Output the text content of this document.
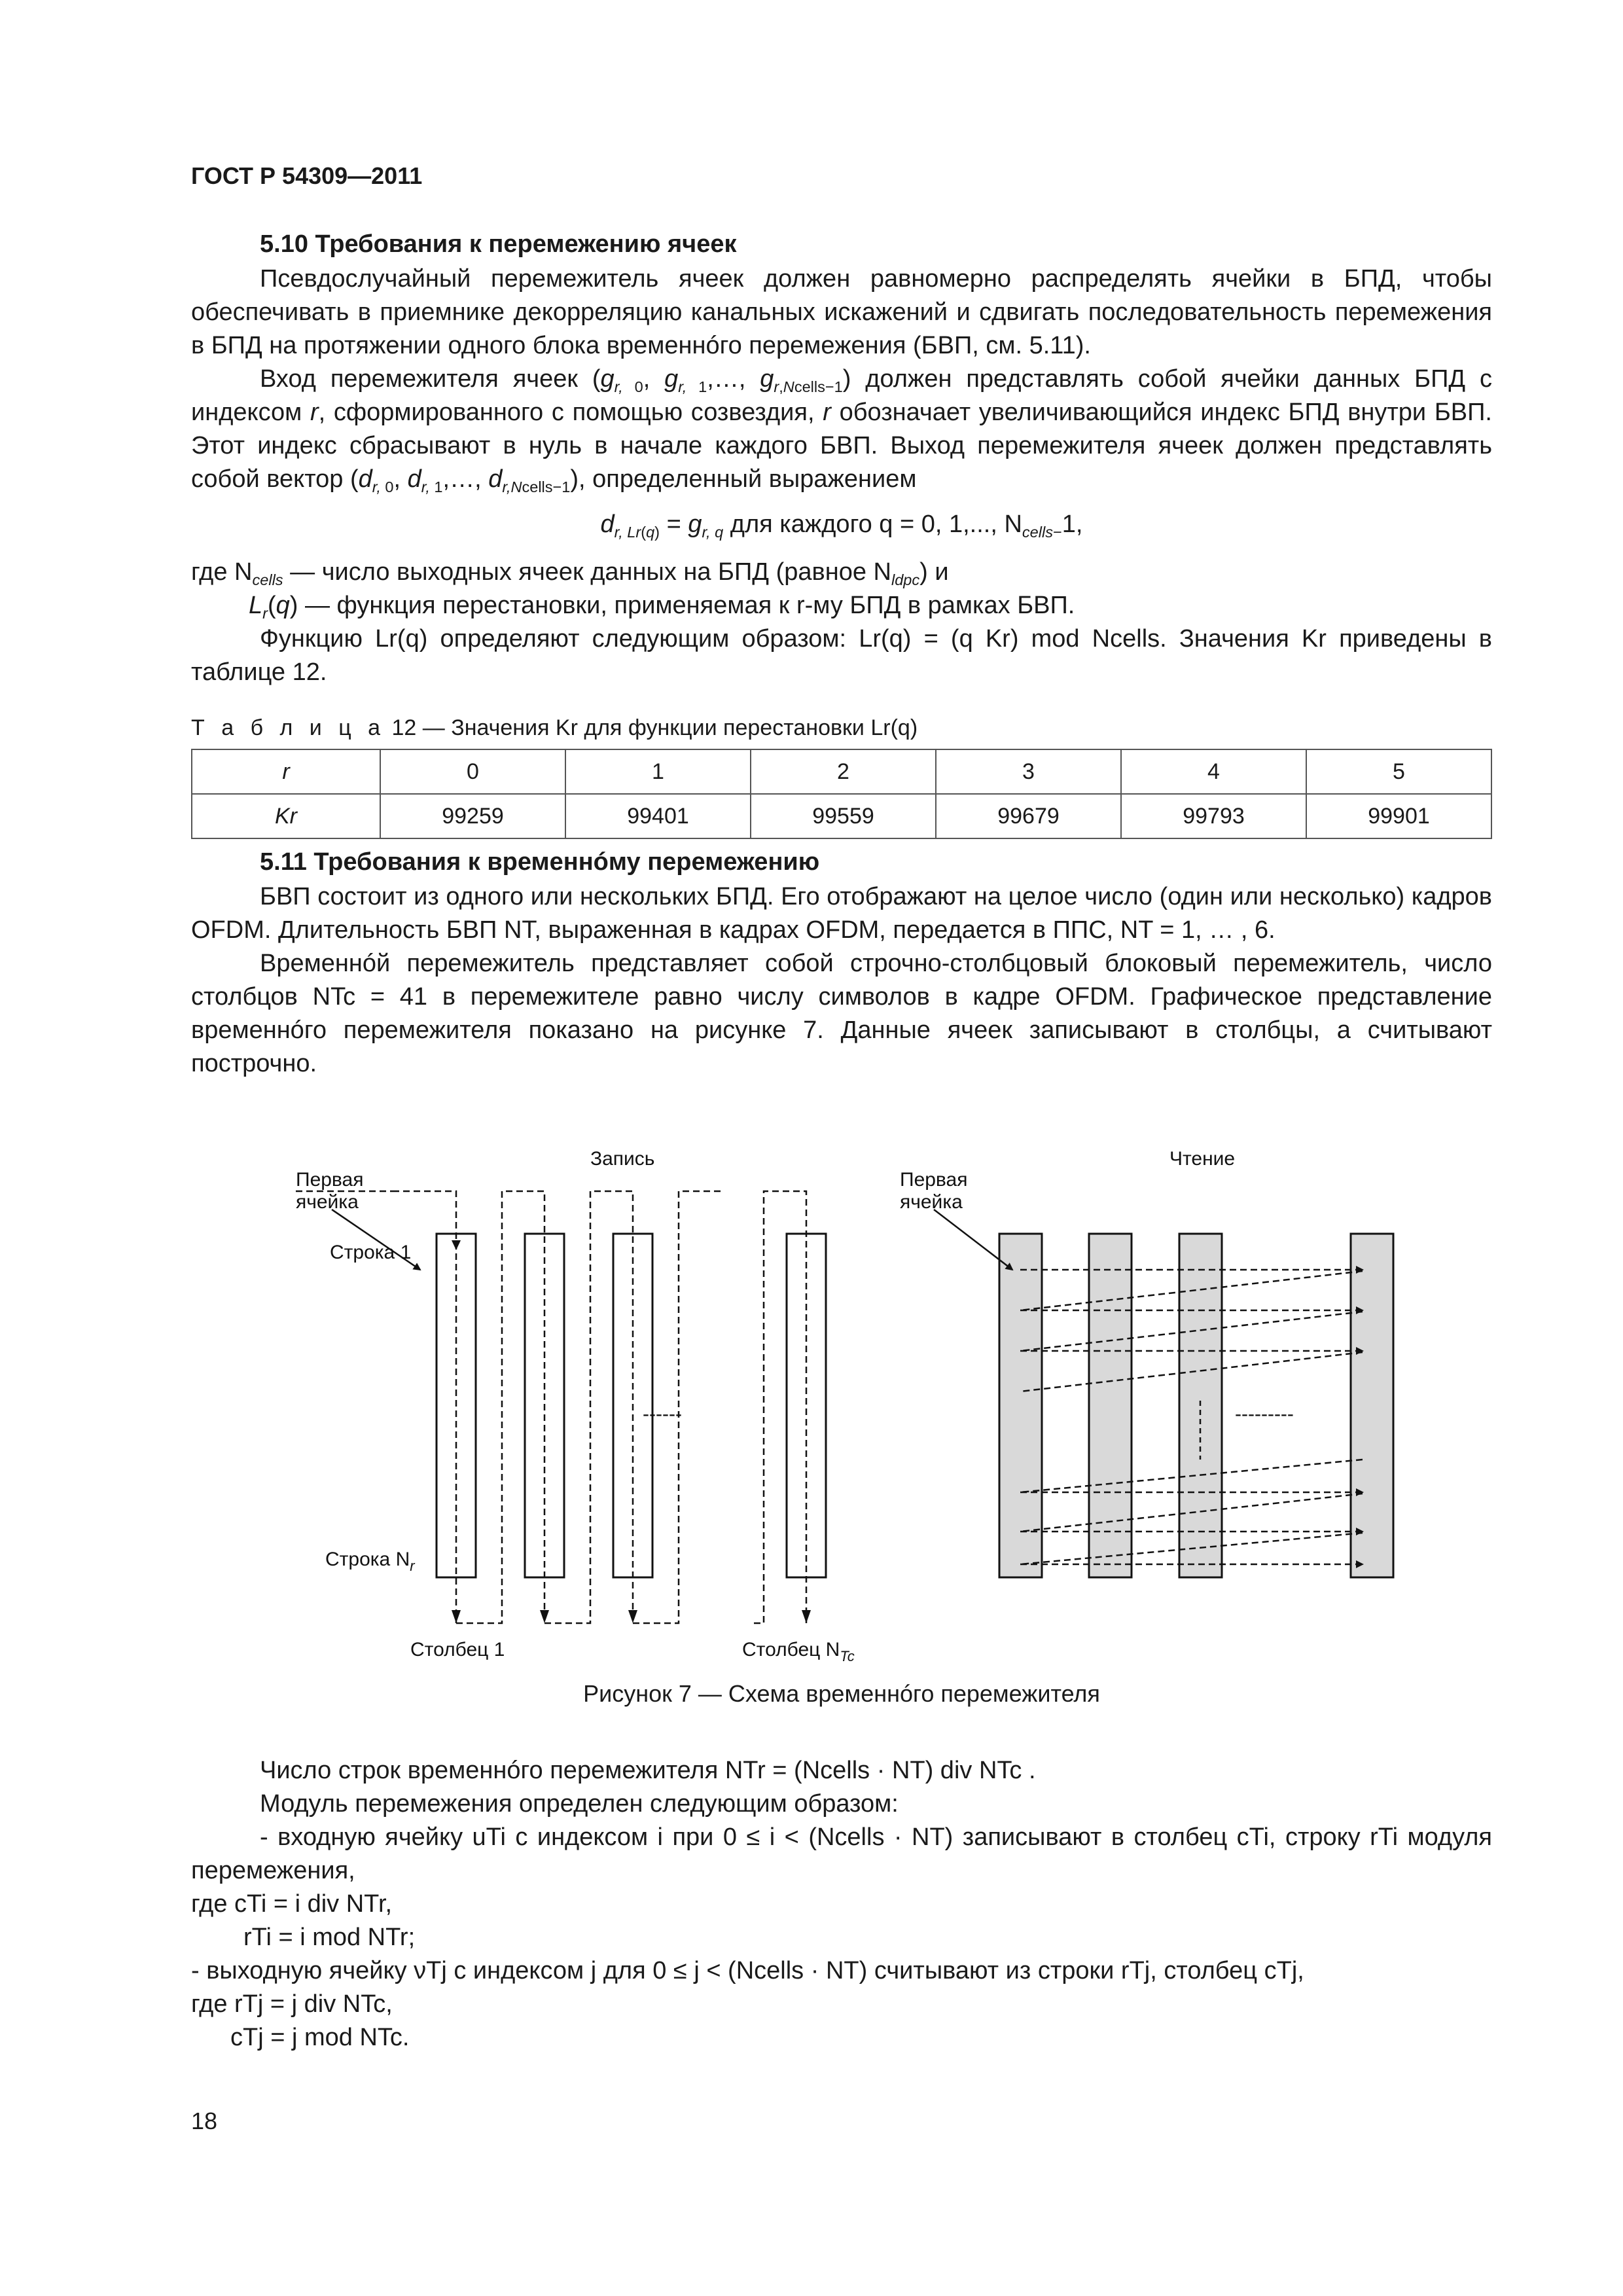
ГОСТ Р 54309—2011
5.10 Требования к перемежению ячеек

Псевдослучайный перемежитель ячеек должен равномерно распределять ячейки в БПД, чтобы обеспечивать в приемнике декорреляцию канальных искажений и сдвигать последовательность перемежения в БПД на протяжении одного блока временнóго перемежения (БВП, см. 5.11).

Вход перемежителя ячеек ($g_{r, 0}$, $g_{r, 1},\dots$, $g_{r,Ncells-1}$) должен представлять собой ячейки данных БПД с индексом r, сформированного с помощью созвездия, r обозначает увеличивающийся индекс БПД внутри БВП. Этот индекс сбрасывают в нуль в начале каждого БВП. Выход перемежителя ячеек должен представлять собой вектор ($d_{r, 0}$, $d_{r, 1},\dots$, $d_{r,Ncells-1}$), определенный выражением

$d_{r, Lr(q)} = g_{r, q}$ для каждого q = 0, 1,..., $N_{cells-}1$,

где $N_{cells}$ — число выходных ячеек данных на БПД (равное $N_{ldpc}$) и

$L_r(q)$ — функция перестановки, применяемая к r-му БПД в рамках БВП.

Функцию Lr(q) определяют следующим образом: Lr(q) = (q Kr) mod Ncells. Значения Kr приведены в таблице 12.

Т а б л и ц а 12 — Значения Kr для функции перестановки Lr(q)
r	0	1	2	3	4	5
Kr	99259	99401	99559	99679	99793	99901
5.11 Требования к временнóму перемежению

БВП состоит из одного или нескольких БПД. Его отображают на целое число (один или несколько) кадров OFDM. Длительность БВП NT, выраженная в кадрах OFDM, передается в ППС, NT = 1, … , 6.

Временнóй перемежитель представляет собой строчно-столбцовый блоковый перемежитель, число столбцов NTc = 41 в перемежителе равно числу символов в кадре OFDM. Графическое представление временнóго перемежителя показано на рисунке 7. Данные ячеек записывают в столбцы, а считывают построчно.

Запись	Чтение
Первая
ячейка
Первая
ячейка
Строка 1
Строка $N_r$
Столбец 1	Столбец $N_{Tc}$
------	---------

Рисунок 7 — Схема временнóго перемежителя

Число строк временнóго перемежителя NTr = (Ncells · NT) div NTc .

Модуль перемежения определен следующим образом:

- входную ячейку uTi с индексом i при 0 ≤ i < (Ncells · NT) записывают в столбец cTi, строку rTi модуля перемежения,

где cTi = i div NTr,

rTi = i mod NTr;

- выходную ячейку νTj с индексом j для 0 ≤ j < (Ncells · NT) считывают из строки rTj, столбец cTj,

где rTj = j div NTc,

cTj = j mod NTc.

18
